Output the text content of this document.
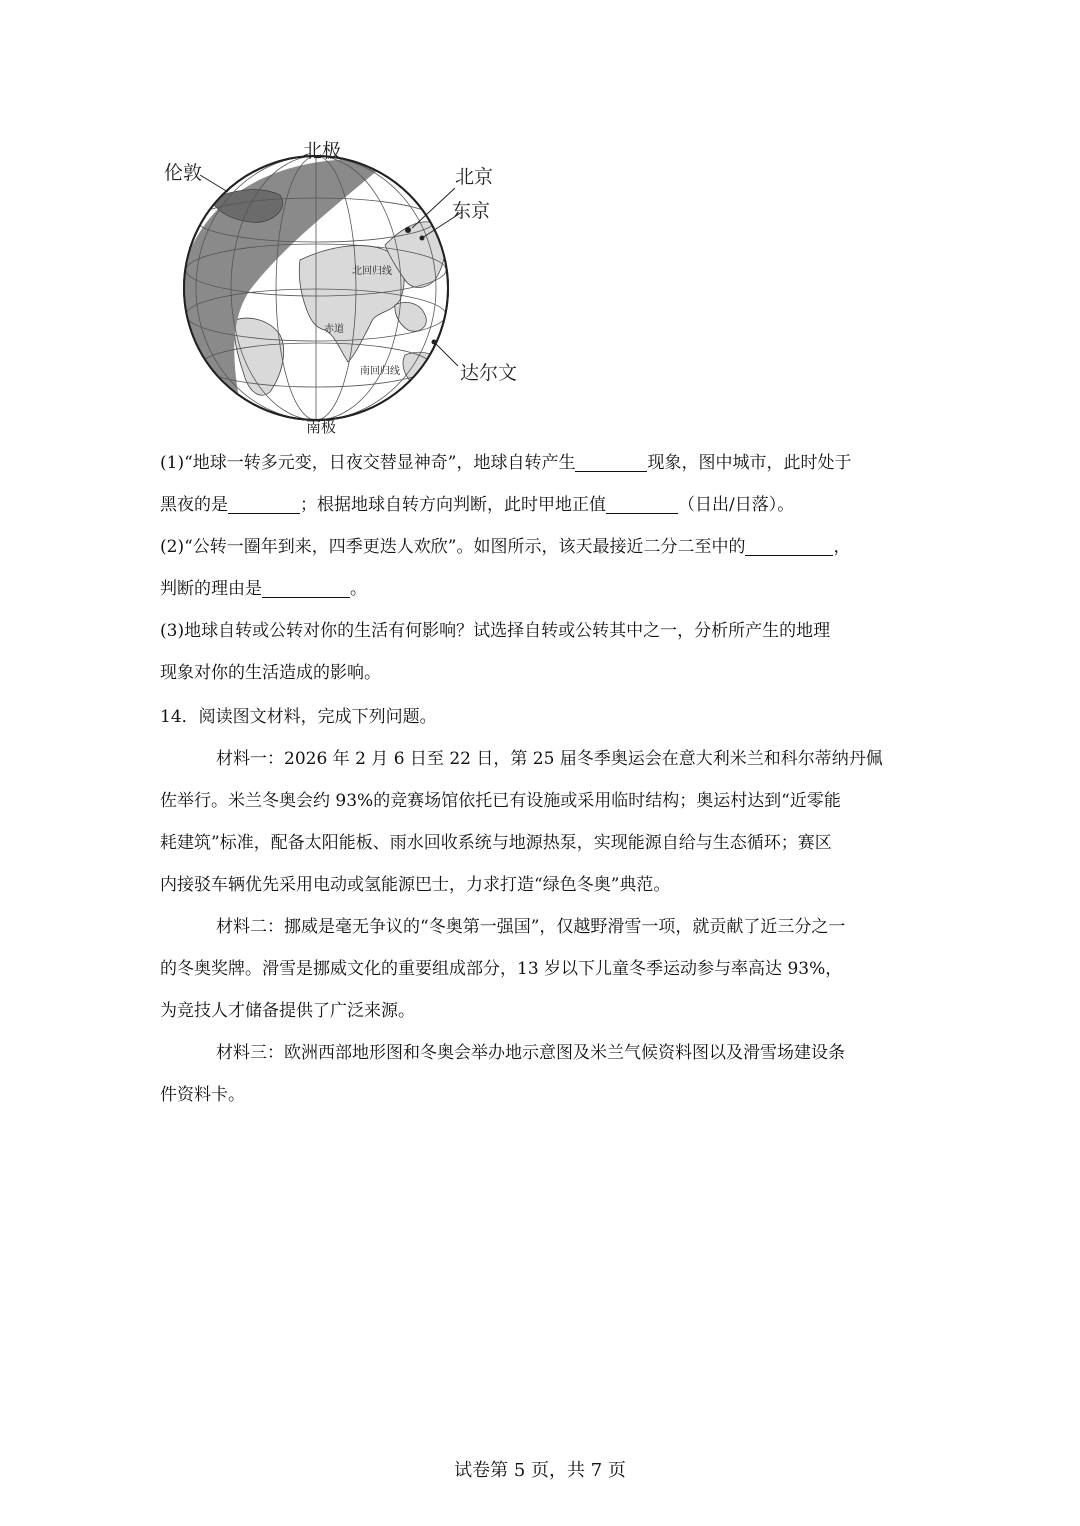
北极
伦敦	北京
东京
达尔文
南极
北回归线
赤道
南回归线
(1)“地球一转多元变，日夜交替显神奇”，地球自转产生	现象，图中城市，此时处于
黑夜的是	；根据地球自转方向判断，此时甲地正值	（日出/日落）。
(2)“公转一圈年到来，四季更迭人欢欣”。如图所示，该天最接近二分二至中的	，
判断的理由是	。
(3)地球自转或公转对你的生活有何影响？试选择自转或公转其中之一，分析所产生的地理
现象对你的生活造成的影响。
14．阅读图文材料，完成下列问题。
材料一：2026 年 2 月 6 日至 22 日，第 25 届冬季奥运会在意大利米兰和科尔蒂纳丹佩
佐举行。米兰冬奥会约 93%的竞赛场馆依托已有设施或采用临时结构；奥运村达到“近零能
耗建筑”标准，配备太阳能板、雨水回收系统与地源热泵，实现能源自给与生态循环；赛区
内接驳车辆优先采用电动或氢能源巴士，力求打造“绿色冬奥”典范。
材料二：挪威是毫无争议的“冬奥第一强国”，仅越野滑雪一项，就贡献了近三分之一
的冬奥奖牌。滑雪是挪威文化的重要组成部分，13 岁以下儿童冬季运动参与率高达 93%，
为竞技人才储备提供了广泛来源。
材料三：欧洲西部地形图和冬奥会举办地示意图及米兰气候资料图以及滑雪场建设条
件资料卡。
试卷第 5 页，共 7 页
